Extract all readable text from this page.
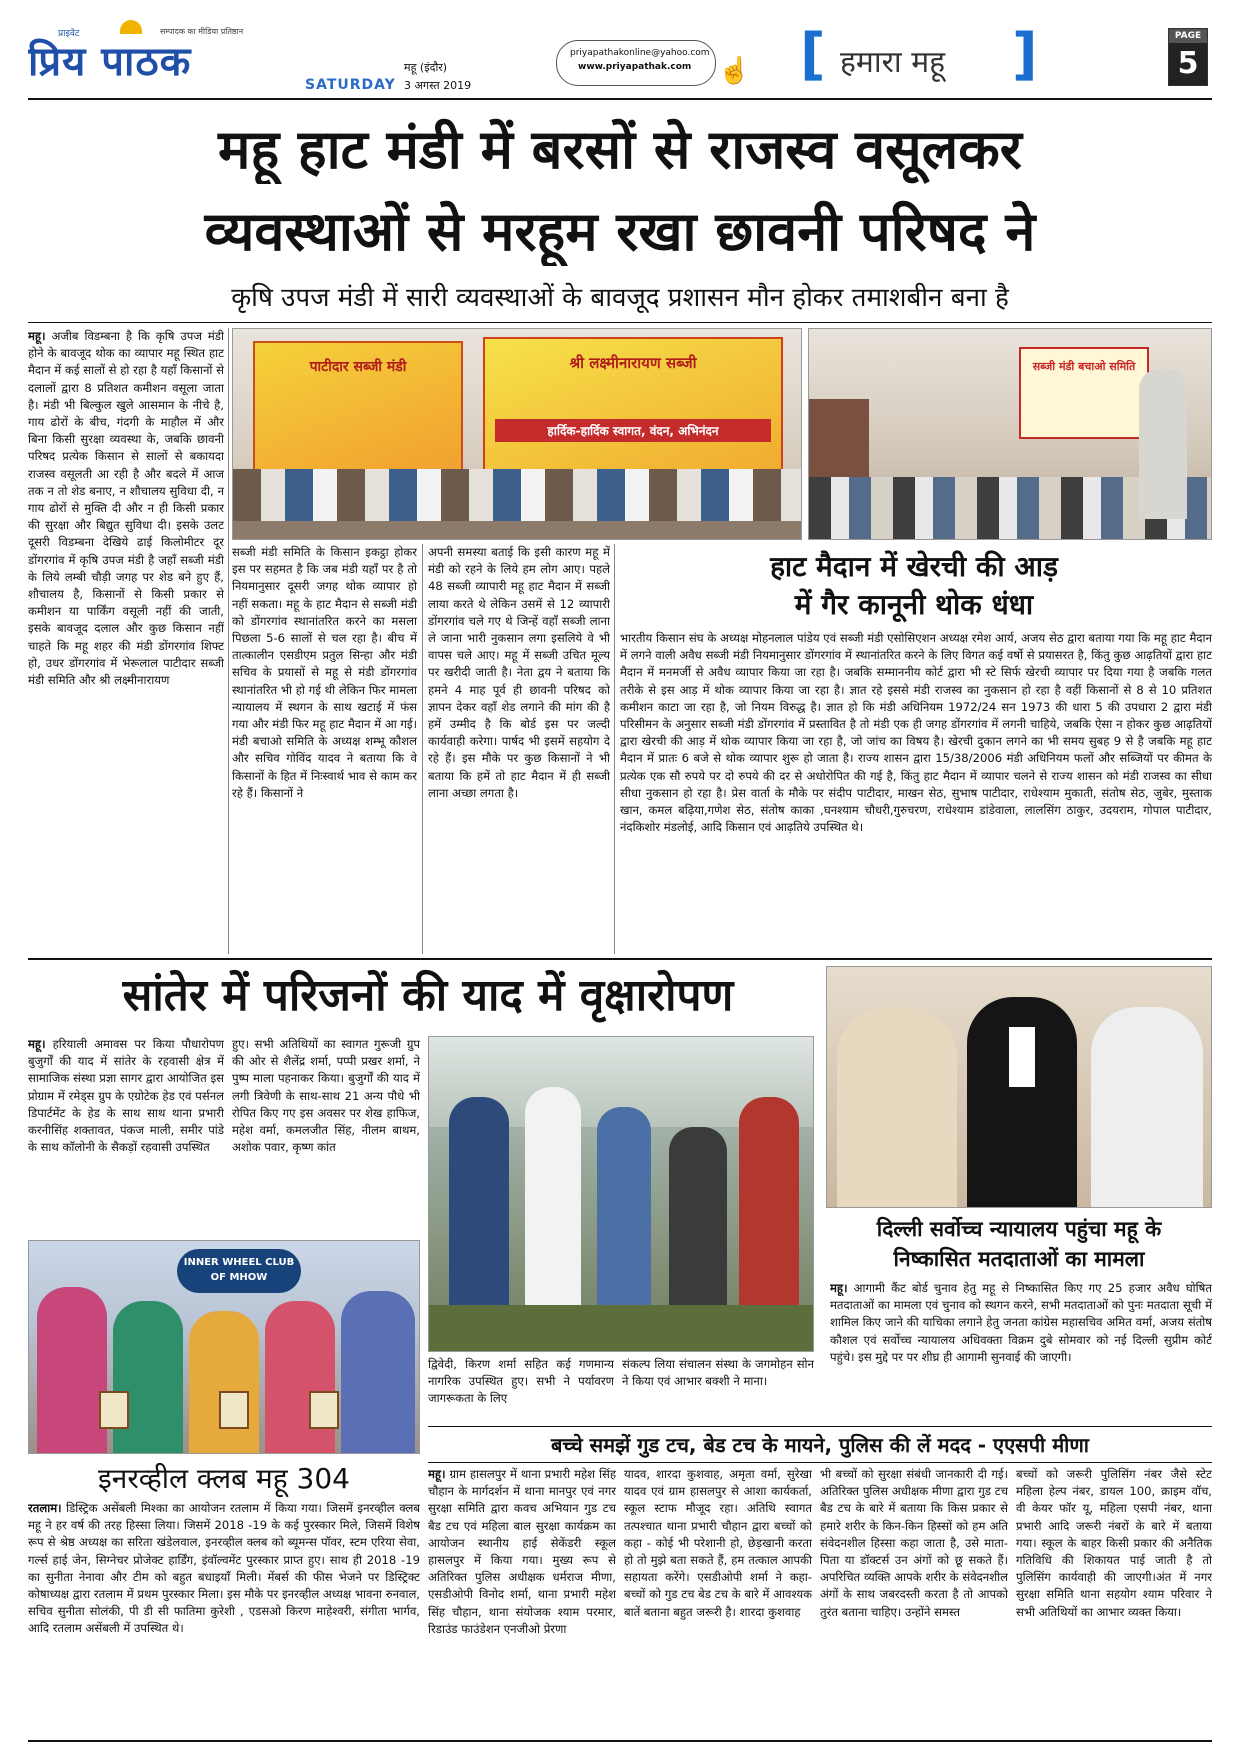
प्राइवेट
प्रिय पाठक
सम्पादक का मीडिया प्रतिष्ठान
SATURDAY
महू (इंदौर)
3 अगस्त 2019
priyapathakonline@yahoo.com
www.priyapathak.com ☝ [ हमारा महू ]	PAGE
5
महू हाट मंडी में बरसों से राजस्व वसूलकर
व्यवस्थाओं से मरहूम रखा छावनी परिषद ने
कृषि उपज मंडी में सारी व्यवस्थाओं के बावजूद प्रशासन मौन होकर तमाशबीन बना है
महू। अजीब विडम्बना है कि कृषि उपज मंडी होने के बावजूद थोक का व्यापार महू स्थित हाट मैदान में कई सालों से हो रहा है यहाँ किसानों से दलालों द्वारा 8 प्रतिशत कमीशन वसूला जाता है। मंडी भी बिल्कुल खुले आसमान के नीचे है, गाय ढोरों के बीच, गंदगी के माहौल में और बिना किसी सुरक्षा व्यवस्था के, जबकि छावनी परिषद प्रत्येक किसान से सालों से बकायदा राजस्व वसूलती आ रही है और बदले में आज तक न तो शेड बनाए, न शौचालय सुविधा दी, न गाय ढोरों से मुक्ति दी और न ही किसी प्रकार की सुरक्षा और बिद्युत सुविधा दी। इसके उलट दूसरी विडम्बना देखिये ढाई किलोमीटर दूर डोंगरगांव में कृषि उपज मंडी है जहाँ सब्जी मंडी के लिये लम्बी चौड़ी जगह पर शेड बने हुए हैं, शौचालय है, किसानों से किसी प्रकार से कमीशन या पार्किंग वसूली नहीं की जाती, इसके बावजूद दलाल और कुछ किसान नहीं चाहते कि महू शहर की मंडी डोंगरगांव शिफ्ट हो, उधर डोंगरगांव में भेरूलाल पाटीदार सब्जी मंडी समिति और श्री लक्ष्मीनारायण
पाटीदार सब्जी मंडी	श्री लक्ष्मीनारायण सब्जी
हार्दिक-हार्दिक स्वागत, वंदन, अभिनंदन
सब्जी मंडी समिति के किसान इकट्ठा होकर इस पर सहमत है कि जब मंडी यहाँ पर है तो नियमानुसार दूसरी जगह थोक व्यापार हो नहीं सकता। महू के हाट मैदान से सब्जी मंडी को डोंगरगांव स्थानांतरित करने का मसला पिछला 5-6 सालों से चल रहा है। बीच में तात्कालीन एसडीएम प्रतुल सिन्हा और मंडी सचिव के प्रयासों से महू से मंडी डोंगरगांव स्थानांतरित भी हो गई थी लेकिन फिर मामला न्यायालय में स्थगन के साथ खटाई में फंस गया और मंडी फिर महू हाट मैदान में आ गई। मंडी बचाओ समिति के अध्यक्ष शम्भू कौशल और सचिव गोविंद यादव ने बताया कि वे किसानों के हित में निःस्वार्थ भाव से काम कर रहे हैं। किसानों ने
अपनी समस्या बताई कि इसी कारण महू में मंडी को रहने के लिये हम लोग आए। पहले 48 सब्जी व्यापारी महू हाट मैदान में सब्जी लाया करते थे लेकिन उसमें से 12 व्यापारी डोंगरगांव चले गए थे जिन्हें वहाँ सब्जी लाना ले जाना भारी नुकसान लगा इसलिये वे भी वापस चले आए। महू में सब्जी उचित मूल्य पर खरीदी जाती है। नेता द्वय ने बताया कि हमने 4 माह पूर्व ही छावनी परिषद को ज्ञापन देकर वहाँ शेड लगाने की मांग की है हमें उम्मीद है कि बोर्ड इस पर जल्दी कार्यवाही करेगा। पार्षद भी इसमें सहयोग दे रहे हैं। इस मौके पर कुछ किसानों ने भी बताया कि हमें तो हाट मैदान में ही सब्जी लाना अच्छा लगता है।
सब्जी मंडी बचाओ समिति
हाट मैदान में खेरची की आड़
में गैर कानूनी थोक धंधा
भारतीय किसान संघ के अध्यक्ष मोहनलाल पांडेय एवं सब्जी मंडी एसोसिएशन अध्यक्ष रमेश आर्य, अजय सेठ द्वारा बताया गया कि महू हाट मैदान में लगने वाली अवैध सब्जी मंडी नियमानुसार डोंगरगांव में स्थानांतरित करने के लिए विगत कई वर्षो से प्रयासरत है, किंतु कुछ आढ़तियों द्वारा हाट मैदान में मनमर्जी से अवैध व्यापार किया जा रहा है। जबकि सम्माननीय कोर्ट द्वारा भी स्टे सिर्फ खेरची व्यापार पर दिया गया है जबकि गलत तरीके से इस आड़ में थोक व्यापार किया जा रहा है। ज्ञात रहे इससे मंडी राजस्व का नुकसान हो रहा है वहीं किसानों से 8 से 10 प्रतिशत कमीशन काटा जा रहा है, जो नियम विरुद्ध है। ज्ञात हो कि मंडी अधिनियम 1972/24 सन 1973 की धारा 5 की उपधारा 2 द्वारा मंडी परिसीमन के अनुसार सब्जी मंडी डोंगरगांव में प्रस्तावित है तो मंडी एक ही जगह डोंगरगांव में लगनी चाहिये, जबकि ऐसा न होकर कुछ आढ़तियों द्वारा खेरची की आड़ में थोक व्यापार किया जा रहा है, जो जांच का विषय है। खेरची दुकान लगने का भी समय सुबह 9 से है जबकि महू हाट मैदान में प्रातः 6 बजे से थोक व्यापार शुरू हो जाता है। राज्य शासन द्वारा 15/38/2006 मंडी अधिनियम फलों और सब्जियों पर कीमत के प्रत्येक एक सौ रुपये पर दो रुपये की दर से अधोरोपित की गई है, किंतु हाट मैदान में व्यापार चलने से राज्य शासन को मंडी राजस्व का सीधा सीधा नुकसान हो रहा है। प्रेस वार्ता के मौके पर संदीप पाटीदार, माखन सेठ, सुभाष पाटीदार, राधेश्याम मुकाती, संतोष सेठ, जुबेर, मुस्ताक खान, कमल बढ़िया,गणेश सेठ, संतोष काका ,घनश्याम चौधरी,गुरुचरण, राधेश्याम डांडेवाला, लालसिंग ठाकुर, उदयराम, गोपाल पाटीदार, नंदकिशोर मंडलोई, आदि किसान एवं आढ़तिये उपस्थित थे।
सांतेर में परिजनों की याद में वृक्षारोपण
महू। हरियाली अमावस पर किया पौधारोपण बुजुर्गों की याद में सांतेर के रहवासी क्षेत्र में सामाजिक संस्था प्रज्ञा सागर द्वारा आयोजित इस प्रोग्राम में रमेड्स ग्रुप के एग्रोटेक हेड एवं पर्सनल डिपार्टमेंट के हेड के साथ साथ थाना प्रभारी करनीसिंह शक्तावत, पंकज माली, समीर पांडे के साथ कॉलोनी के सैकड़ों रहवासी उपस्थित
हुए। सभी अतिथियों का स्वागत गुरूजी ग्रुप की ओर से शैलेंद्र शर्मा, पप्पी प्रखर शर्मा, ने पुष्प माला पहनाकर किया। बुजुर्गों की याद में लगी त्रिवेणी के साथ-साथ 21 अन्य पौधे भी रोपित किए गए इस अवसर पर शेख हाफिज, महेश वर्मा, कमलजीत सिंह, नीलम बाथम, अशोक पवार, कृष्ण कांत
द्विवेदी, किरण शर्मा सहित कई गणमान्य नागरिक उपस्थित हुए। सभी ने पर्यावरण जागरूकता के लिए
संकल्प लिया संचालन संस्था के जगमोहन सोन ने किया एवं आभार बक्शी ने माना।
INNER WHEEL CLUB OF MHOW
इनरव्हील क्लब महू 304
रतलाम। डिस्ट्रिक असेंबली मिश्का का आयोजन रतलाम में किया गया। जिसमें इनरव्हील क्लब महू ने हर वर्ष की तरह हिस्सा लिया। जिसमें 2018 -19 के कई पुरस्कार मिले, जिसमें विशेष रूप से श्रेष्ठ अध्यक्ष का सरिता खंडेलवाल, इनरव्हील क्लब को ब्यूमन्स पॉवर, स्टम एरिया सेवा, गर्ल्स हाई जेन, सिग्नेचर प्रोजेक्ट हार्डिंग, इंवॉल्वमेंट पुरस्कार प्राप्त हुए। साथ ही 2018 -19 का सुनीता नेनावा और टीम को बहुत बधाइयाँ मिली। मेंबर्स की फीस भेजने पर डिस्ट्रिक्ट कोषाध्यक्ष द्वारा रतलाम में प्रथम पुरस्कार मिला। इस मौके पर इनरव्हील अध्यक्ष भावना रुनवाल, सचिव सुनीता सोलंकी, पी डी सी फातिमा कुरेशी , एडसओ किरण माहेश्वरी, संगीता भार्गव, आदि रतलाम असेंबली में उपस्थित थे।
दिल्ली सर्वोच्च न्यायालय पहुंचा महू के
निष्कासित मतदाताओं का मामला
महू। आगामी कैंट बोर्ड चुनाव हेतु महू से निष्कासित किए गए 25 हजार अवैध घोषित मतदाताओं का मामला एवं चुनाव को स्थगन करने, सभी मतदाताओं को पुनः मतदाता सूची में शामिल किए जाने की याचिका लगाने हेतु जनता कांग्रेस महासचिव अमित वर्मा, अजय संतोष कौशल एवं सर्वोच्च न्यायालय अधिवक्ता विक्रम दुबे सोमवार को नई दिल्ली सुप्रीम कोर्ट पहुंचे। इस मुद्दे पर पर शीघ्र ही आगामी सुनवाई की जाएगी।
बच्चे समझें गुड टच, बेड टच के मायने, पुलिस की लें मदद - एएसपी मीणा
महू। ग्राम हासलपुर में थाना प्रभारी महेश सिंह चौहान के मार्गदर्शन में थाना मानपुर एवं नगर सुरक्षा समिति द्वारा कवच अभियान गुड टच बैड टच एवं महिला बाल सुरक्षा कार्यक्रम का आयोजन स्थानीय हाई सेकेंडरी स्कूल हासलपुर में किया गया। मुख्य रूप से अतिरिक्त पुलिस अधीक्षक धर्मराज मीणा, एसडीओपी विनोद शर्मा, थाना प्रभारी महेश सिंह चौहान, थाना संयोजक श्याम परमार, रिडाउंड फाउंडेशन एनजीओ प्रेरणा
यादव, शारदा कुशवाह, अमृता वर्मा, सुरेखा यादव एवं ग्राम हासलपुर से आशा कार्यकर्ता, स्कूल स्टाफ मौजूद रहा। अतिथि स्वागत तत्पश्चात थाना प्रभारी चौहान द्वारा बच्चों को कहा - कोई भी परेशानी हो, छेड़खानी करता हो तो मुझे बता सकते हैं, हम तत्काल आपकी सहायता करेंगे। एसडीओपी शर्मा ने कहा- बच्चों को गुड टच बेड टच के बारे में आवश्यक बातें बताना बहुत जरूरी है। शारदा कुशवाह
भी बच्चों को सुरक्षा संबंधी जानकारी दी गई। अतिरिक्त पुलिस अधीक्षक मीणा द्वारा गुड टच बैड टच के बारे में बताया कि किस प्रकार से हमारे शरीर के किन-किन हिस्सों को हम अति संवेदनशील हिस्सा कहा जाता है, उसे माता-पिता या डॉक्टर्स उन अंगों को छू सकते हैं। अपरिचित व्यक्ति आपके शरीर के संवेदनशील अंगों के साथ जबरदस्ती करता है तो आपको तुरंत बताना चाहिए। उन्होंने समस्त
बच्चों को जरूरी पुलिसिंग नंबर जैसे स्टेट महिला हेल्प नंबर, डायल 100, क्राइम वॉच, वी केयर फॉर यू, महिला एसपी नंबर, थाना प्रभारी आदि जरूरी नंबरों के बारे में बताया गया। स्कूल के बाहर किसी प्रकार की अनैतिक गतिविधि की शिकायत पाई जाती है तो पुलिसिंग कार्यवाही की जाएगी।अंत में नगर सुरक्षा समिति थाना सहयोग श्याम परिवार ने सभी अतिथियों का आभार व्यक्त किया।
